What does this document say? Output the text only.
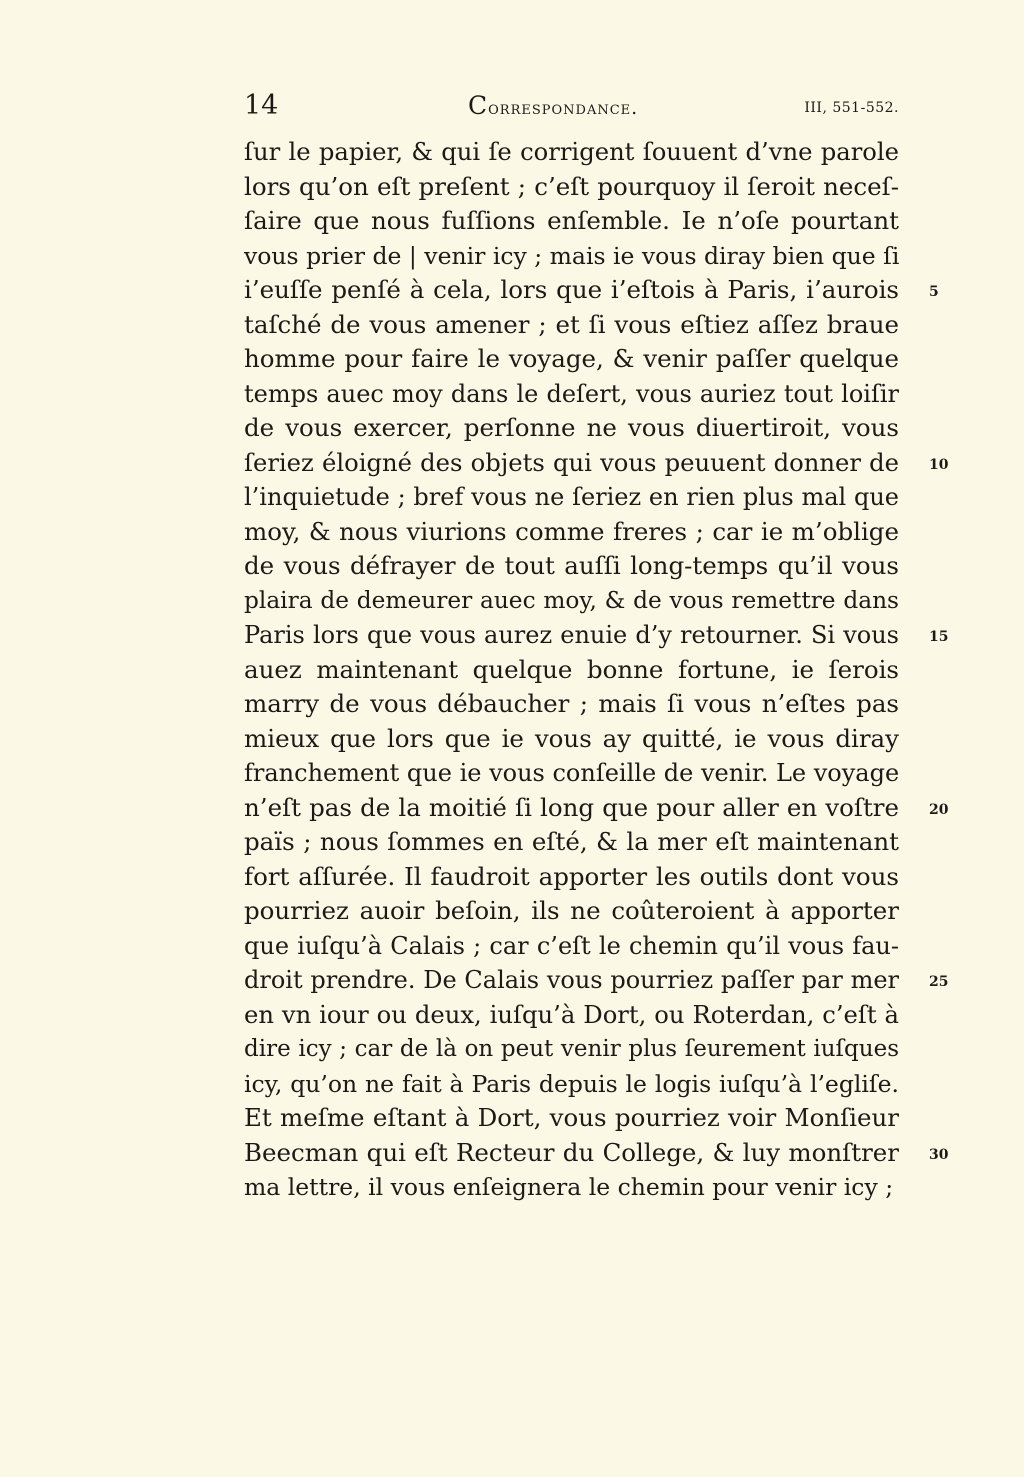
14	Correspondance.	III, 551-552.
ſur le papier, & qui ſe corrigent ſouuent d’vne parole
lors qu’on eſt preſent ; c’eſt pourquoy il ſeroit neceſ-
ſaire que nous fuſſions enſemble. Ie n’oſe pourtant
vous prier de | venir icy ; mais ie vous diray bien que ſi
i’euſſe penſé à cela, lors que i’eſtois à Paris, i’aurois 5
taſché de vous amener ; et ſi vous eſtiez aſſez braue
homme pour faire le voyage, & venir paſſer quelque
temps auec moy dans le deſert, vous auriez tout loiſir
de vous exercer, perſonne ne vous diuertiroit, vous
ſeriez éloigné des objets qui vous peuuent donner de 10
l’inquietude ; bref vous ne ſeriez en rien plus mal que
moy, & nous viurions comme freres ; car ie m’oblige
de vous défrayer de tout auſſi long-temps qu’il vous
plaira de demeurer auec moy, & de vous remettre dans
Paris lors que vous aurez enuie d’y retourner. Si vous 15
auez maintenant quelque bonne fortune, ie ſerois
marry de vous débaucher ; mais ſi vous n’eſtes pas
mieux que lors que ie vous ay quitté, ie vous diray
franchement que ie vous conſeille de venir. Le voyage
n’eſt pas de la moitié ſi long que pour aller en voſtre 20
païs ; nous ſommes en eſté, & la mer eſt maintenant
fort aſſurée. Il faudroit apporter les outils dont vous
pourriez auoir beſoin, ils ne coûteroient à apporter
que iuſqu’à Calais ; car c’eſt le chemin qu’il vous fau-
droit prendre. De Calais vous pourriez paſſer par mer 25
en vn iour ou deux, iuſqu’à Dort, ou Roterdan, c’eſt à
dire icy ; car de là on peut venir plus ſeurement iuſques
icy, qu’on ne fait à Paris depuis le logis iuſqu’à l’egliſe.
Et meſme eſtant à Dort, vous pourriez voir Monſieur
Beecman qui eſt Recteur du College, & luy monſtrer 30
ma lettre, il vous enſeignera le chemin pour venir icy ;
